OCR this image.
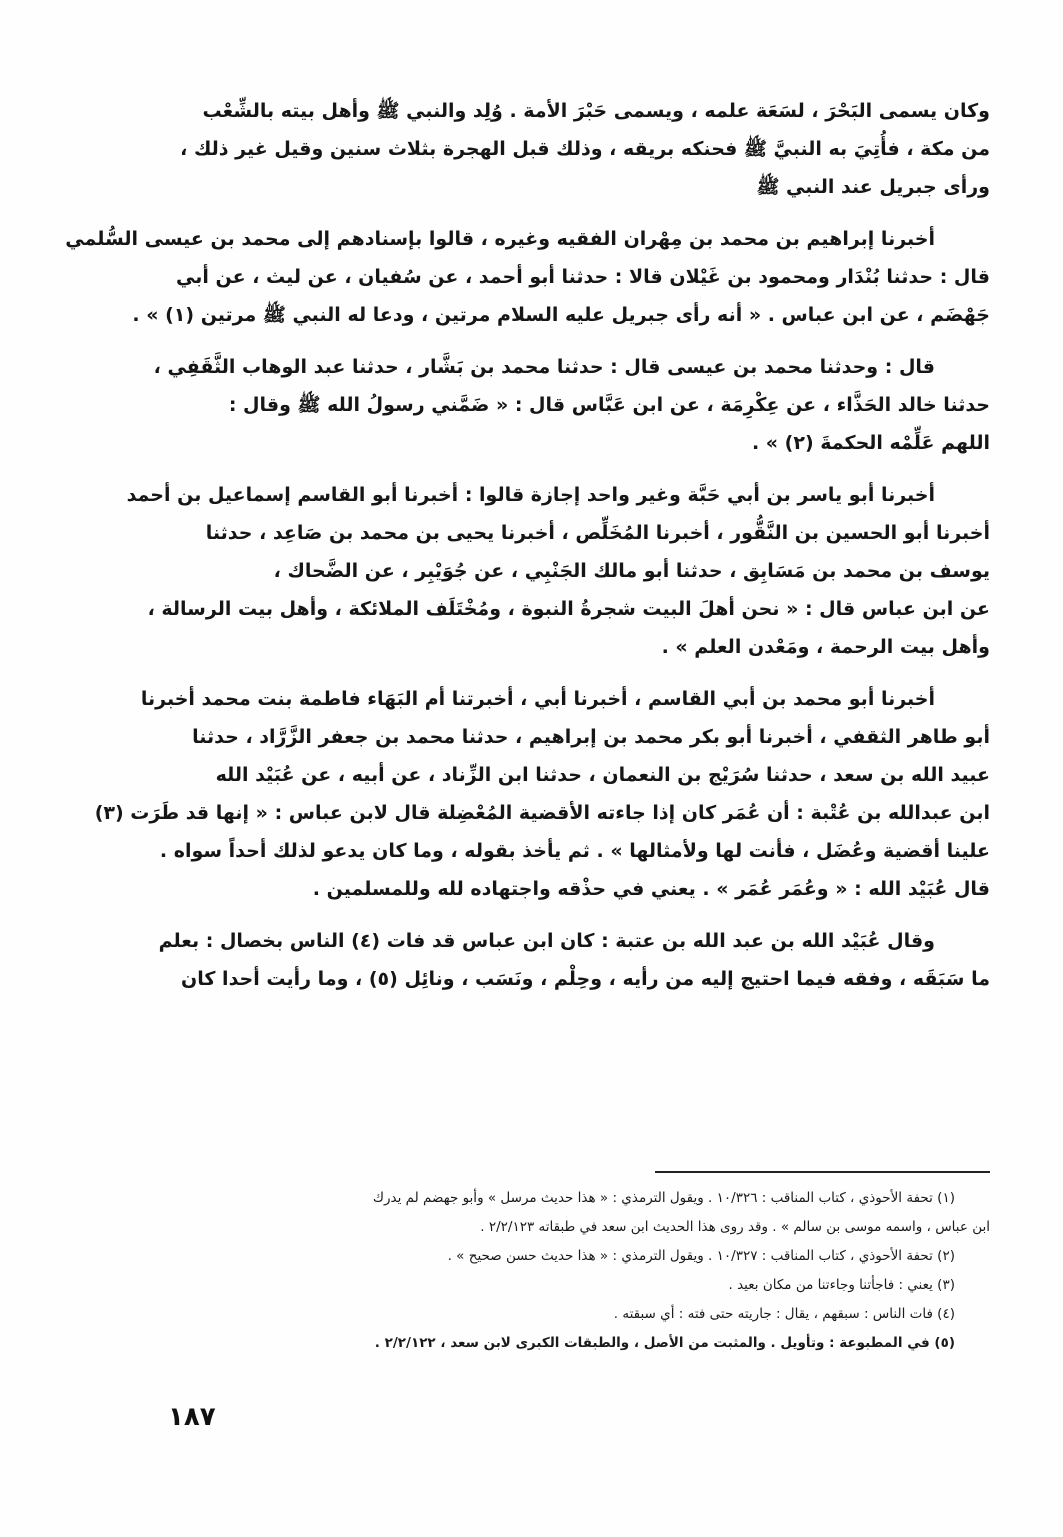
وكان يسمى البَحْرَ ، لسَعَة علمه ، ويسمى حَبْرَ الأمة . وُلِد والنبي ﷺ وأهل بيته بالشِّعْب
من مكة ، فأُتِيَ به النبيَّ ﷺ فحنكه بريقه ، وذلك قبل الهجرة بثلاث سنين وقيل غير ذلك ،
ورأى جبريل عند النبي ﷺ

أخبرنا إبراهيم بن محمد بن مِهْران الفقيه وغيره ، قالوا بإسنادهم إلى محمد بن عيسى السُّلمي
قال : حدثنا بُنْدَار ومحمود بن غَيْلان قالا : حدثنا أبو أحمد ، عن سُفيان ، عن ليث ، عن أبي
جَهْضَم ، عن ابن عباس . « أنه رأى جبريل عليه السلام مرتين ، ودعا له النبي ﷺ مرتين (١) » .

قال : وحدثنا محمد بن عيسى قال : حدثنا محمد بن بَشَّار ، حدثنا عبد الوهاب الثَّقَفِي ،
حدثنا خالد الحَذَّاء ، عن عِكْرِمَة ، عن ابن عَبَّاس قال : « ضَمَّني رسولُ الله ﷺ وقال :
اللهم عَلِّمْه الحكمةَ (٢) » .

أخبرنا أبو ياسر بن أبي حَبَّة وغير واحد إجازة قالوا : أخبرنا أبو القاسم إسماعيل بن أحمد
أخبرنا أبو الحسين بن النَّقُّور ، أخبرنا المُخَلِّص ، أخبرنا يحيى بن محمد بن صَاعِد ، حدثنا
يوسف بن محمد بن مَسَابِق ، حدثنا أبو مالك الجَنْبِي ، عن جُوَيْبِر ، عن الضَّحاك ،
عن ابن عباس قال : « نحن أهلَ البيت شجرةُ النبوة ، ومُخْتَلَف الملائكة ، وأهل بيت الرسالة ،
وأهل بيت الرحمة ، ومَعْدن العلم » .

أخبرنا أبو محمد بن أبي القاسم ، أخبرنا أبي ، أخبرتنا أم البَهَاء فاطمة بنت محمد أخبرنا
أبو طاهر الثقفي ، أخبرنا أبو بكر محمد بن إبراهيم ، حدثنا محمد بن جعفر الزَّرَّاد ، حدثنا
عبيد الله بن سعد ، حدثنا سُرَيْج بن النعمان ، حدثنا ابن الزِّناد ، عن أبيه ، عن عُبَيْد الله
ابن عبدالله بن عُتْبة : أن عُمَر كان إذا جاءته الأقضية المُعْضِلة قال لابن عباس : « إنها قد طَرَت (٣)
علينا أقضية وعُضَل ، فأنت لها ولأمثالها » . ثم يأخذ بقوله ، وما كان يدعو لذلك أحداً سواه .
قال عُبَيْد الله : « وعُمَر عُمَر » . يعني في حذْقه واجتهاده لله وللمسلمين .

وقال عُبَيْد الله بن عبد الله بن عتبة : كان ابن عباس قد فات (٤) الناس بخصال : بعلم
ما سَبَقَه ، وفقه فيما احتيج إليه من رأيه ، وحِلْم ، ونَسَب ، ونائِل (٥) ، وما رأيت أحدا كان

(١) تحفة الأحوذي ، كتاب المناقب : ١٠/٣٢٦ . ويقول الترمذي : « هذا حديث مرسل » وأبو جهضم لم يدرك
ابن عباس ، واسمه موسى بن سالم » . وقد روى هذا الحديث ابن سعد في طبقاته ٢/٢/١٢٣ .
(٢) تحفة الأحوذي ، كتاب المناقب : ١٠/٣٢٧ . ويقول الترمذي : « هذا حديث حسن صحيح » .
(٣) يعني : فاجأتنا وجاءتنا من مكان بعيد .
(٤) فات الناس : سبقهم ، يقال : جاريته حتى فته : أي سبقته .
(٥) في المطبوعة : وتأويل . والمثبت من الأصل ، والطبقات الكبرى لابن سعد ، ٢/٢/١٢٢ .
١٨٧
